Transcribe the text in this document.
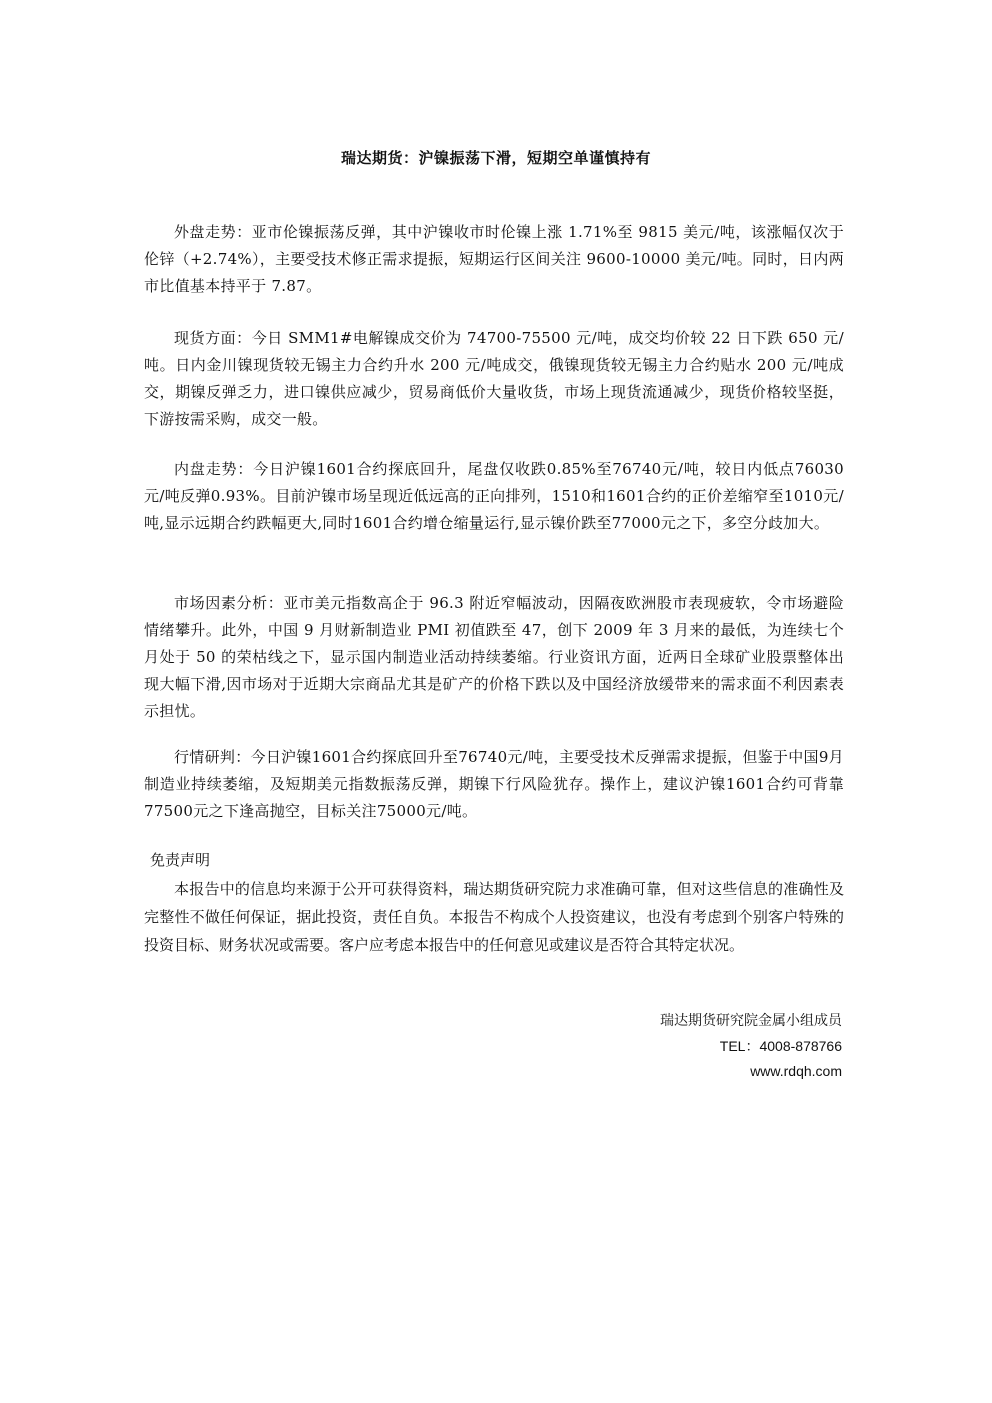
瑞达期货：沪镍振荡下滑，短期空单谨慎持有

外盘走势：亚市伦镍振荡反弹，其中沪镍收市时伦镍上涨 1.71%至 9815 美元/吨，该涨幅仅次于伦锌（+2.74%），主要受技术修正需求提振，短期运行区间关注 9600-10000 美元/吨。同时，日内两市比值基本持平于 7.87。

现货方面：今日 SMM1#电解镍成交价为 74700-75500 元/吨，成交均价较 22 日下跌 650 元/吨。日内金川镍现货较无锡主力合约升水 200 元/吨成交，俄镍现货较无锡主力合约贴水 200 元/吨成交，期镍反弹乏力，进口镍供应减少，贸易商低价大量收货，市场上现货流通减少，现货价格较坚挺，下游按需采购，成交一般。

内盘走势：今日沪镍1601合约探底回升，尾盘仅收跌0.85%至76740元/吨，较日内低点76030元/吨反弹0.93%。目前沪镍市场呈现近低远高的正向排列，1510和1601合约的正价差缩窄至1010元/吨,显示远期合约跌幅更大,同时1601合约增仓缩量运行,显示镍价跌至77000元之下，多空分歧加大。

市场因素分析：亚市美元指数高企于 96.3 附近窄幅波动，因隔夜欧洲股市表现疲软，令市场避险情绪攀升。此外，中国 9 月财新制造业 PMI 初值跌至 47，创下 2009 年 3 月来的最低，为连续七个月处于 50 的荣枯线之下，显示国内制造业活动持续萎缩。行业资讯方面，近两日全球矿业股票整体出现大幅下滑,因市场对于近期大宗商品尤其是矿产的价格下跌以及中国经济放缓带来的需求面不利因素表示担忧。

行情研判：今日沪镍1601合约探底回升至76740元/吨，主要受技术反弹需求提振，但鉴于中国9月制造业持续萎缩，及短期美元指数振荡反弹，期镍下行风险犹存。操作上，建议沪镍1601合约可背靠77500元之下逢高抛空，目标关注75000元/吨。

免责声明

本报告中的信息均来源于公开可获得资料，瑞达期货研究院力求准确可靠，但对这些信息的准确性及完整性不做任何保证，据此投资，责任自负。本报告不构成个人投资建议，也没有考虑到个别客户特殊的投资目标、财务状况或需要。客户应考虑本报告中的任何意见或建议是否符合其特定状况。

瑞达期货研究院金属小组成员

TEL：4008-878766

www.rdqh.com
